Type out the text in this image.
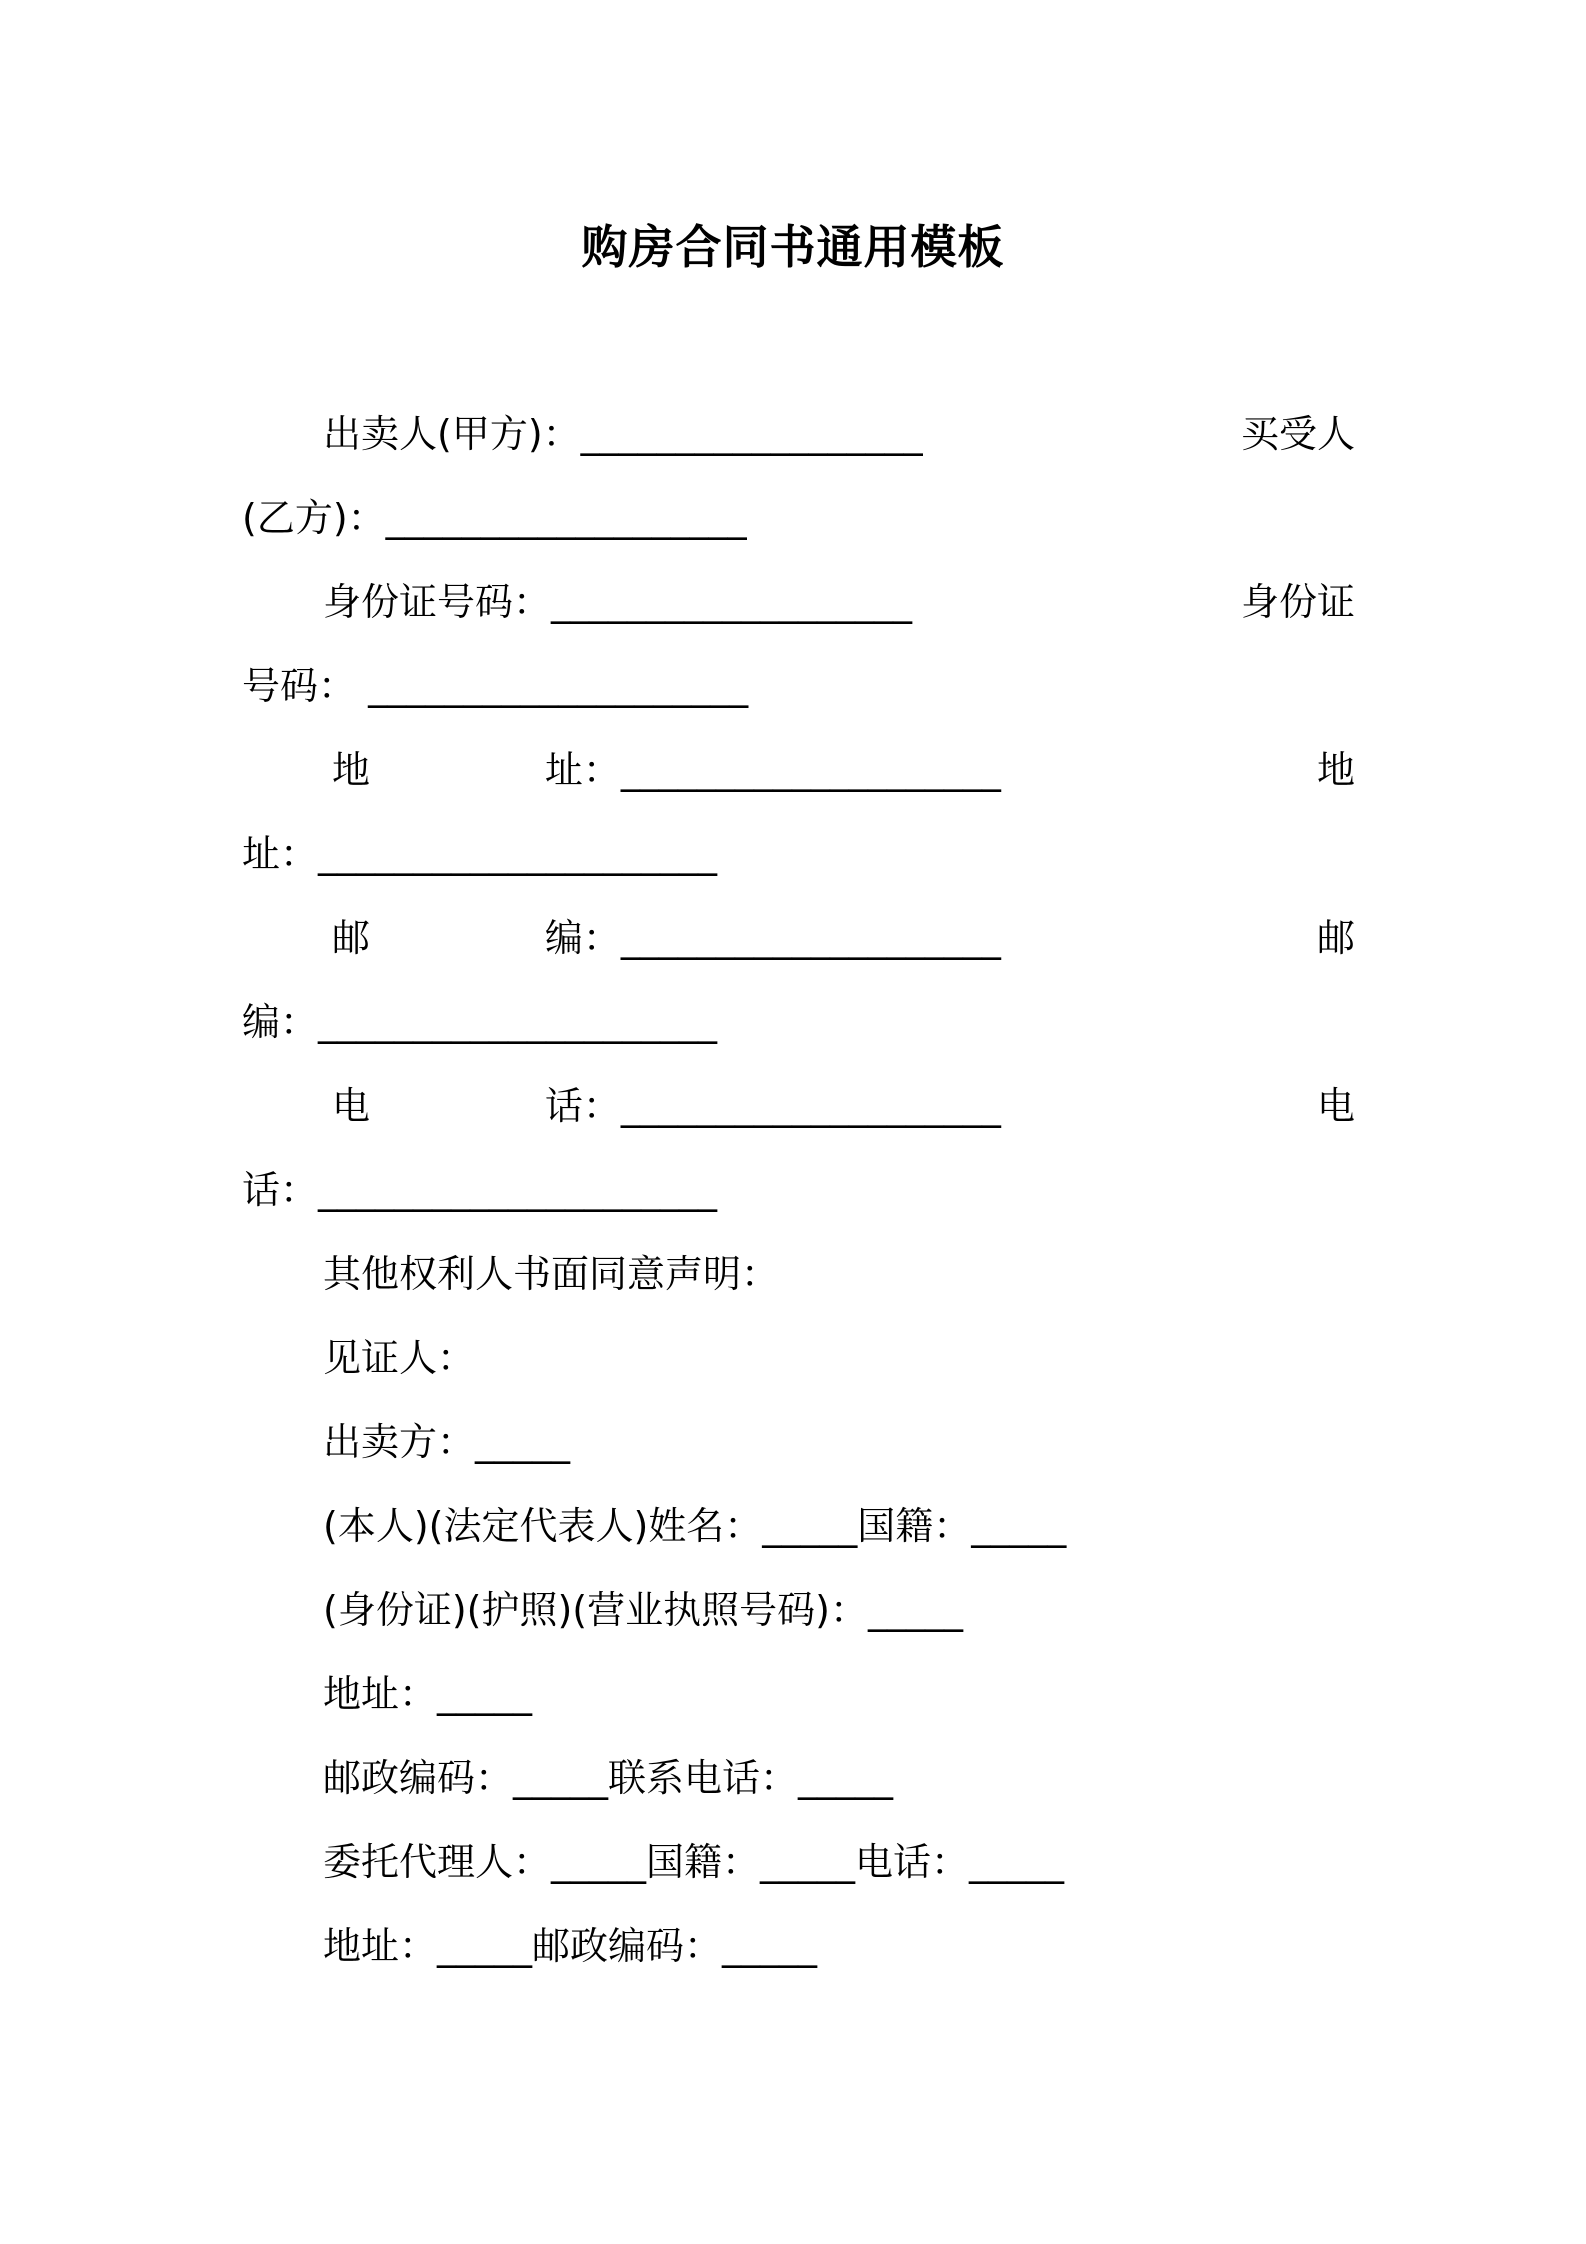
购房合同书通用模板
出卖人(甲方)：__________________	买受人
(乙方)：___________________
身份证号码：___________________	身份证
号码： ____________________
地	址：____________________	地
址：_____________________
邮	编：____________________	邮
编：_____________________
电	话：____________________	电
话：_____________________
其他权利人书面同意声明：
见证人：
出卖方：_____
(本人)(法定代表人)姓名：_____国籍：_____
(身份证)(护照)(营业执照号码)：_____
地址：_____
邮政编码：_____联系电话：_____
委托代理人：_____国籍：_____电话：_____
地址：_____邮政编码：_____
